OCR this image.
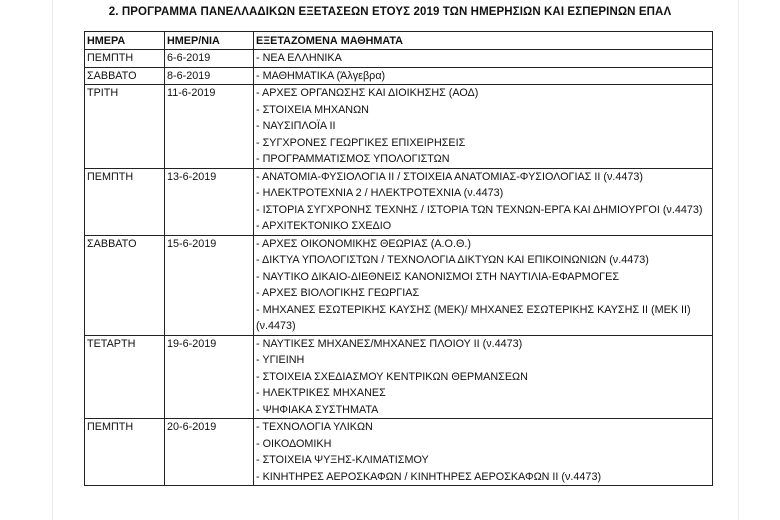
2. ΠΡΟΓΡΑΜΜΑ ΠΑΝΕΛΛΑΔΙΚΩΝ ΕΞΕΤΑΣΕΩΝ ΕΤΟΥΣ 2019 ΤΩΝ ΗΜΕΡΗΣΙΩΝ ΚΑΙ ΕΣΠΕΡΙΝΩΝ ΕΠΑΛ
ΗΜΕΡΑ	ΗΜΕΡ/ΝΙΑ	ΕΞΕΤΑΖΟΜΕΝΑ ΜΑΘΗΜΑΤΑ
ΠΕΜΠΤΗ	6-6-2019	- ΝΕΑ ΕΛΛΗΝΙΚΑ

ΣΑΒΒΑΤΟ	8-6-2019	- ΜΑΘΗΜΑΤΙΚΑ (Άλγεβρα)

ΤΡΙΤΗ	11-6-2019	- ΑΡΧΕΣ ΟΡΓΑΝΩΣΗΣ ΚΑΙ ΔΙΟΙΚΗΣΗΣ (ΑΟΔ)
- ΣΤΟΙΧΕΙΑ ΜΗΧΑΝΩΝ
- ΝΑΥΣΙΠΛΟΪΑ ΙΙ
- ΣΥΓΧΡΟΝΕΣ ΓΕΩΡΓΙΚΕΣ ΕΠΙΧΕΙΡΗΣΕΙΣ
- ΠΡΟΓΡΑΜΜΑΤΙΣΜΟΣ ΥΠΟΛΟΓΙΣΤΩΝ

ΠΕΜΠΤΗ	13-6-2019	- ΑΝΑΤΟΜΙΑ-ΦΥΣΙΟΛΟΓΙΑ ΙΙ / ΣΤΟΙΧΕΙΑ ΑΝΑΤΟΜΙΑΣ-ΦΥΣΙΟΛΟΓΙΑΣ ΙΙ (ν.4473)
- ΗΛΕΚΤΡΟΤΕΧΝΙΑ 2 / ΗΛΕΚΤΡΟΤΕΧΝΙΑ (ν.4473)
- ΙΣΤΟΡΙΑ ΣΥΓΧΡΟΝΗΣ ΤΕΧΝΗΣ / ΙΣΤΟΡΙΑ ΤΩΝ ΤΕΧΝΩΝ-ΕΡΓΑ ΚΑΙ ΔΗΜΙΟΥΡΓΟΙ (ν.4473)
- ΑΡΧΙΤΕΚΤΟΝΙΚΟ ΣΧΕΔΙΟ

ΣΑΒΒΑΤΟ	15-6-2019	- ΑΡΧΕΣ ΟΙΚΟΝΟΜΙΚΗΣ ΘΕΩΡΙΑΣ (Α.Ο.Θ.)
- ΔΙΚΤΥΑ ΥΠΟΛΟΓΙΣΤΩΝ / ΤΕΧΝΟΛΟΓΙΑ ΔΙΚΤΥΩΝ ΚΑΙ ΕΠΙΚΟΙΝΩΝΙΩΝ (ν.4473)
- ΝΑΥΤΙΚΟ ΔΙΚΑΙΟ-ΔΙΕΘΝΕΙΣ ΚΑΝΟΝΙΣΜΟΙ ΣΤΗ ΝΑΥΤΙΛΙΑ-ΕΦΑΡΜΟΓΕΣ
- ΑΡΧΕΣ ΒΙΟΛΟΓΙΚΗΣ ΓΕΩΡΓΙΑΣ
- ΜΗΧΑΝΕΣ ΕΣΩΤΕΡΙΚΗΣ ΚΑΥΣΗΣ (ΜΕΚ)/ ΜΗΧΑΝΕΣ ΕΣΩΤΕΡΙΚΗΣ ΚΑΥΣΗΣ ΙΙ (ΜΕΚ ΙΙ) (ν.4473)

ΤΕΤΑΡΤΗ	19-6-2019	- ΝΑΥΤΙΚΕΣ ΜΗΧΑΝΕΣ/ΜΗΧΑΝΕΣ ΠΛΟΙΟΥ ΙΙ (ν.4473)
- ΥΓΙΕΙΝΗ
- ΣΤΟΙΧΕΙΑ ΣΧΕΔΙΑΣΜΟΥ ΚΕΝΤΡΙΚΩΝ ΘΕΡΜΑΝΣΕΩΝ
- ΗΛΕΚΤΡΙΚΕΣ ΜΗΧΑΝΕΣ
- ΨΗΦΙΑΚΑ ΣΥΣΤΗΜΑΤΑ

ΠΕΜΠΤΗ	20-6-2019	- ΤΕΧΝΟΛΟΓΙΑ ΥΛΙΚΩΝ
- ΟΙΚΟΔΟΜΙΚΗ
- ΣΤΟΙΧΕΙΑ ΨΥΞΗΣ-ΚΛΙΜΑΤΙΣΜΟΥ
- ΚΙΝΗΤΗΡΕΣ ΑΕΡΟΣΚΑΦΩΝ / ΚΙΝΗΤΗΡΕΣ ΑΕΡΟΣΚΑΦΩΝ ΙΙ (ν.4473)
